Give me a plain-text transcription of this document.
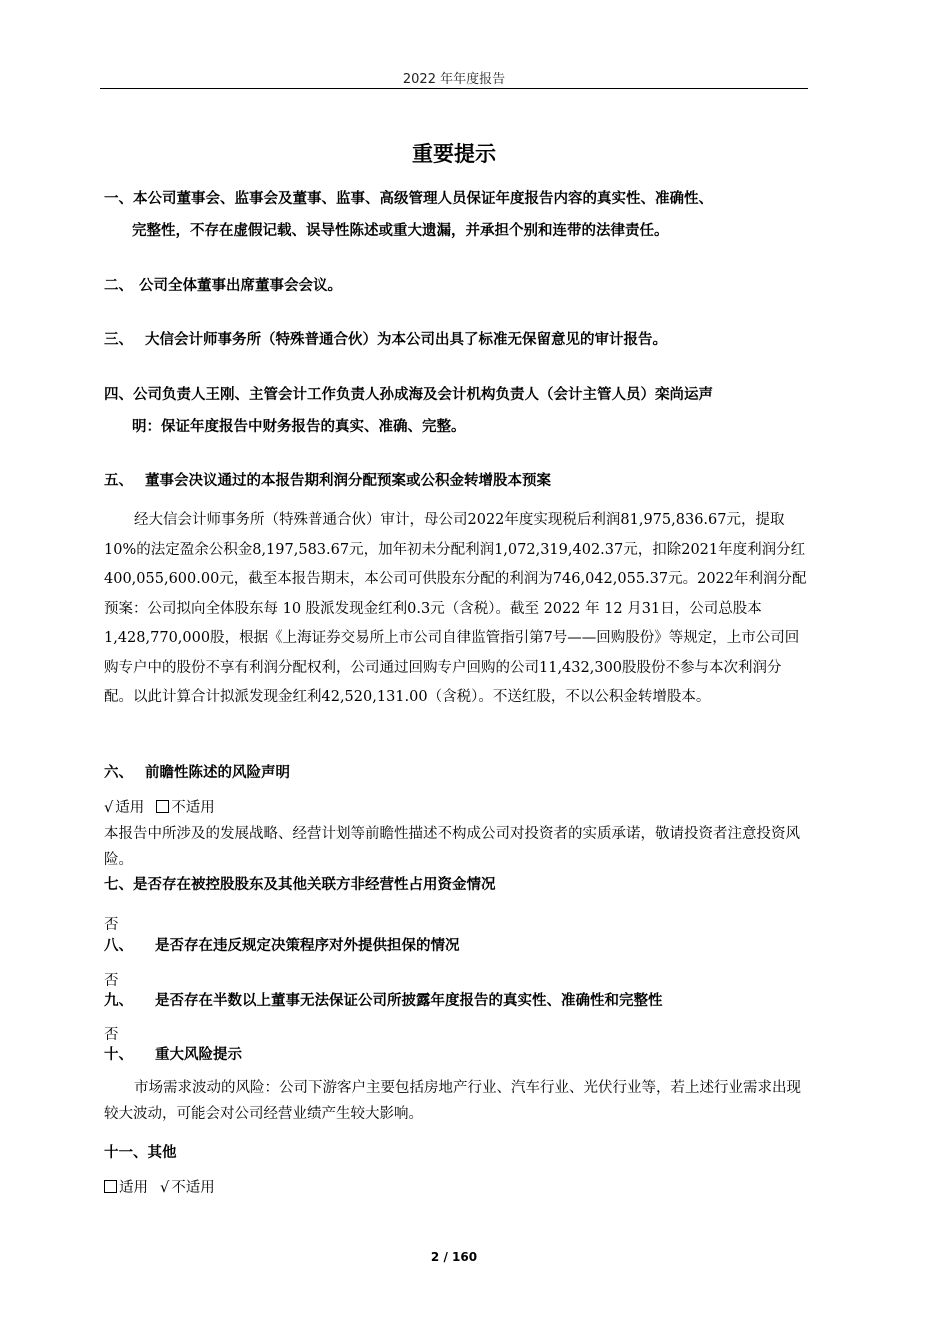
2022 年年度报告
重要提示
一、本公司董事会、监事会及董事、监事、高级管理人员保证年度报告内容的真实性、准确性、
完整性，不存在虚假记载、误导性陈述或重大遗漏，并承担个别和连带的法律责任。
二、 公司全体董事出席董事会会议。
三、 大信会计师事务所（特殊普通合伙）为本公司出具了标准无保留意见的审计报告。
四、公司负责人王刚、主管会计工作负责人孙成海及会计机构负责人（会计主管人员）栾尚运声
明：保证年度报告中财务报告的真实、准确、完整。
五、 董事会决议通过的本报告期利润分配预案或公积金转增股本预案
经大信会计师事务所（特殊普通合伙）审计，母公司2022年度实现税后利润81,975,836.67元，提取 10%的法定盈余公积金8,197,583.67元，加年初未分配利润1,072,319,402.37元，扣除2021年度利润分红400,055,600.00元，截至本报告期末，本公司可供股东分配的利润为746,042,055.37元。2022年利润分配预案：公司拟向全体股东每 10 股派发现金红利0.3元（含税）。截至 2022 年 12 月31日，公司总股本1,428,770,000股，根据《上海证券交易所上市公司自律监管指引第7号——回购股份》等规定，上市公司回购专户中的股份不享有利润分配权利，公司通过回购专户回购的公司11,432,300股股份不参与本次利润分配。以此计算合计拟派发现金红利42,520,131.00（含税）。不送红股，不以公积金转增股本。
六、 前瞻性陈述的风险声明
√ 适用 不适用
本报告中所涉及的发展战略、经营计划等前瞻性描述不构成公司对投资者的实质承诺，敬请投资者注意投资风险。
七、是否存在被控股股东及其他关联方非经营性占用资金情况
否
八、 是否存在违反规定决策程序对外提供担保的情况
否
九、 是否存在半数以上董事无法保证公司所披露年度报告的真实性、准确性和完整性
否
十、 重大风险提示
市场需求波动的风险：公司下游客户主要包括房地产行业、汽车行业、光伏行业等，若上述行业需求出现较大波动，可能会对公司经营业绩产生较大影响。
十一、其他
适用 √ 不适用
2 / 160
